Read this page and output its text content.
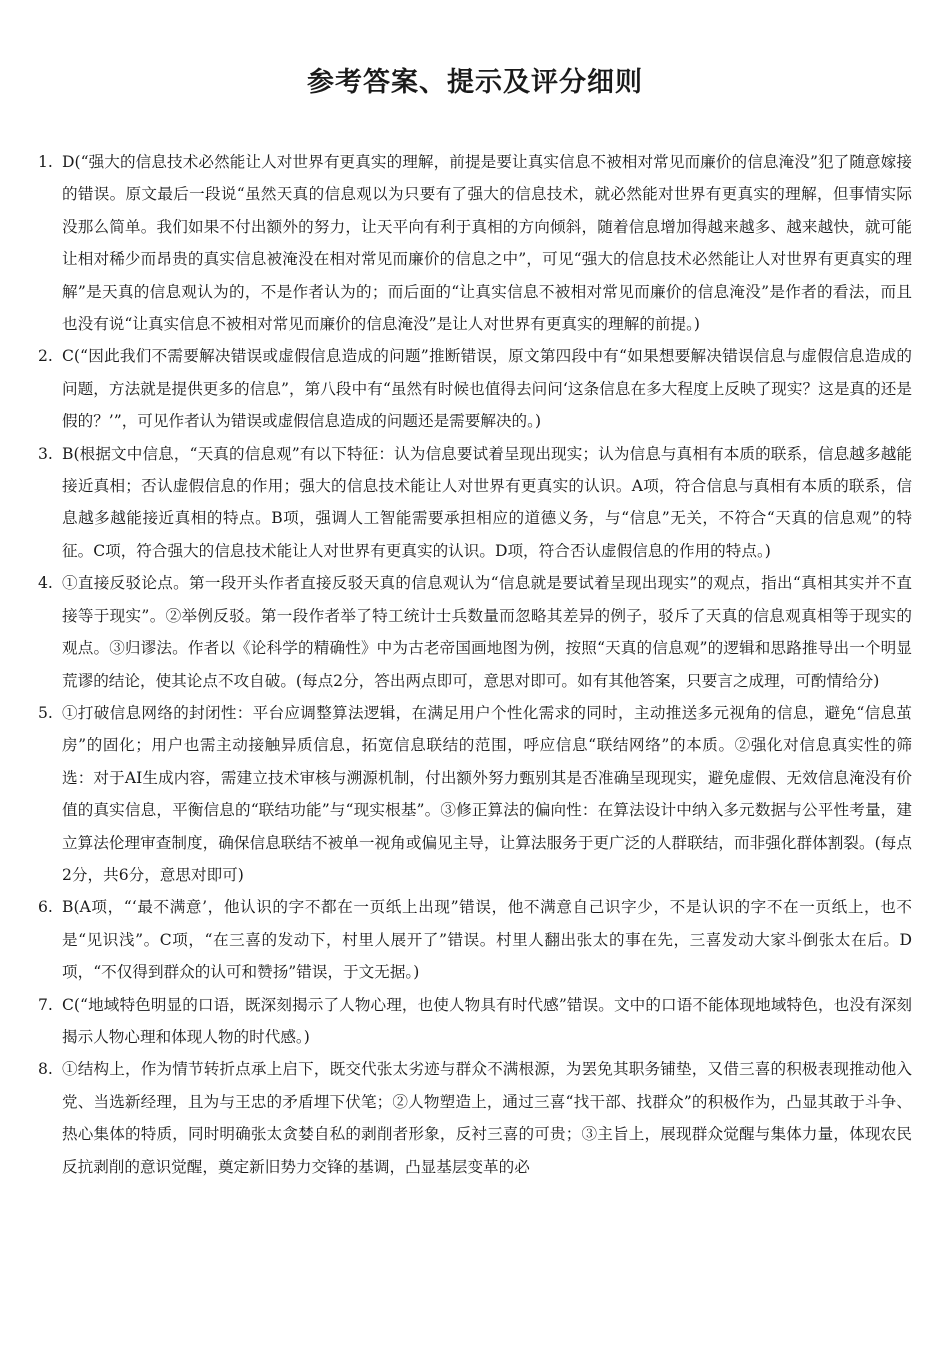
参考答案、提示及评分细则
1. D(“强大的信息技术必然能让人对世界有更真实的理解，前提是要让真实信息不被相对常见而廉价的信息淹没”犯了随意嫁接的错误。原文最后一段说“虽然天真的信息观以为只要有了强大的信息技术，就必然能对世界有更真实的理解，但事情实际没那么简单。我们如果不付出额外的努力，让天平向有利于真相的方向倾斜，随着信息增加得越来越多、越来越快，就可能让相对稀少而昂贵的真实信息被淹没在相对常见而廉价的信息之中”，可见“强大的信息技术必然能让人对世界有更真实的理解”是天真的信息观认为的，不是作者认为的；而后面的“让真实信息不被相对常见而廉价的信息淹没”是作者的看法，而且也没有说“让真实信息不被相对常见而廉价的信息淹没”是让人对世界有更真实的理解的前提。)
2. C(“因此我们不需要解决错误或虚假信息造成的问题”推断错误，原文第四段中有“如果想要解决错误信息与虚假信息造成的问题，方法就是提供更多的信息”，第八段中有“虽然有时候也值得去问问‘这条信息在多大程度上反映了现实？这是真的还是假的？’”，可见作者认为错误或虚假信息造成的问题还是需要解决的。)
3. B(根据文中信息，“天真的信息观”有以下特征：认为信息要试着呈现出现实；认为信息与真相有本质的联系，信息越多越能接近真相；否认虚假信息的作用；强大的信息技术能让人对世界有更真实的认识。A项，符合信息与真相有本质的联系，信息越多越能接近真相的特点。B项，强调人工智能需要承担相应的道德义务，与“信息”无关，不符合“天真的信息观”的特征。C项，符合强大的信息技术能让人对世界有更真实的认识。D项，符合否认虚假信息的作用的特点。)
4. ①直接反驳论点。第一段开头作者直接反驳天真的信息观认为“信息就是要试着呈现出现实”的观点，指出“真相其实并不直接等于现实”。②举例反驳。第一段作者举了特工统计士兵数量而忽略其差异的例子，驳斥了天真的信息观真相等于现实的观点。③归谬法。作者以《论科学的精确性》中为古老帝国画地图为例，按照“天真的信息观”的逻辑和思路推导出一个明显荒谬的结论，使其论点不攻自破。(每点2分，答出两点即可，意思对即可。如有其他答案，只要言之成理，可酌情给分)
5. ①打破信息网络的封闭性：平台应调整算法逻辑，在满足用户个性化需求的同时，主动推送多元视角的信息，避免“信息茧房”的固化；用户也需主动接触异质信息，拓宽信息联结的范围，呼应信息“联结网络”的本质。②强化对信息真实性的筛选：对于AI生成内容，需建立技术审核与溯源机制，付出额外努力甄别其是否准确呈现现实，避免虚假、无效信息淹没有价值的真实信息，平衡信息的“联结功能”与“现实根基”。③修正算法的偏向性：在算法设计中纳入多元数据与公平性考量，建立算法伦理审查制度，确保信息联结不被单一视角或偏见主导，让算法服务于更广泛的人群联结，而非强化群体割裂。(每点2分，共6分，意思对即可)
6. B(A项，“‘最不满意’，他认识的字不都在一页纸上出现”错误，他不满意自己识字少，不是认识的字不在一页纸上，也不是“见识浅”。C项，“在三喜的发动下，村里人展开了”错误。村里人翻出张太的事在先，三喜发动大家斗倒张太在后。D项，“不仅得到群众的认可和赞扬”错误，于文无据。)
7. C(“地域特色明显的口语，既深刻揭示了人物心理，也使人物具有时代感”错误。文中的口语不能体现地域特色，也没有深刻揭示人物心理和体现人物的时代感。)
8. ①结构上，作为情节转折点承上启下，既交代张太劣迹与群众不满根源，为罢免其职务铺垫，又借三喜的积极表现推动他入党、当选新经理，且为与王忠的矛盾埋下伏笔；②人物塑造上，通过三喜“找干部、找群众”的积极作为，凸显其敢于斗争、热心集体的特质，同时明确张太贪婪自私的剥削者形象，反衬三喜的可贵；③主旨上，展现群众觉醒与集体力量，体现农民反抗剥削的意识觉醒，奠定新旧势力交锋的基调，凸显基层变革的必
